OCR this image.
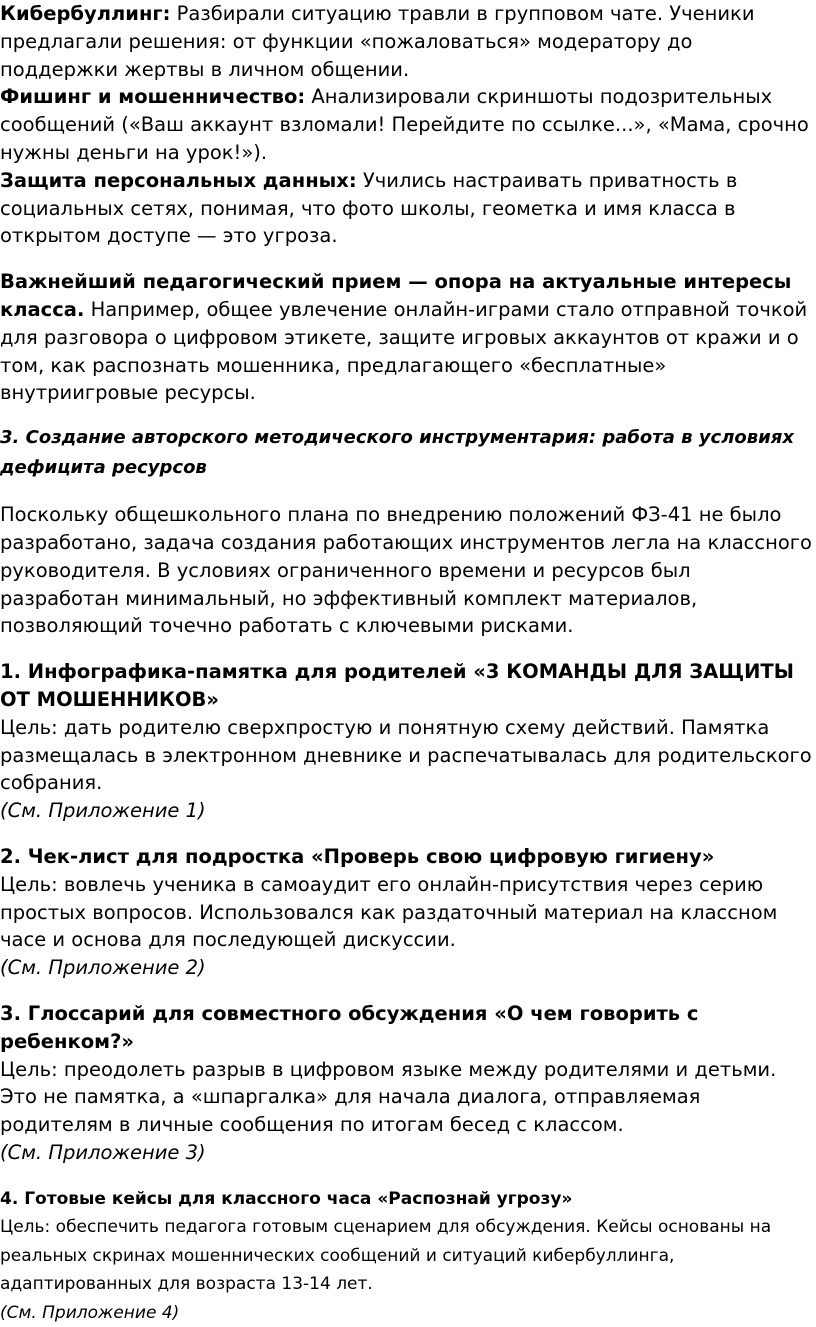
Кибербуллинг: Разбирали ситуацию травли в групповом чате. Ученики предлагали решения: от функции «пожаловаться» модератору до поддержки жертвы в личном общении.

Фишинг и мошенничество: Анализировали скриншоты подозрительных сообщений («Ваш аккаунт взломали! Перейдите по ссылке...», «Мама, срочно нужны деньги на урок!»).

Защита персональных данных: Учились настраивать приватность в социальных сетях, понимая, что фото школы, геометка и имя класса в открытом доступе — это угроза.

Важнейший педагогический прием — опора на актуальные интересы класса. Например, общее увлечение онлайн-играми стало отправной точкой для разговора о цифровом этикете, защите игровых аккаунтов от кражи и о том, как распознать мошенника, предлагающего «бесплатные» внутриигровые ресурсы.

3. Создание авторского методического инструментария: работа в условиях дефицита ресурсов

Поскольку общешкольного плана по внедрению положений ФЗ-41 не было разработано, задача создания работающих инструментов легла на классного руководителя. В условиях ограниченного времени и ресурсов был разработан минимальный, но эффективный комплект материалов, позволяющий точечно работать с ключевыми рисками.

1. Инфографика-памятка для родителей «3 КОМАНДЫ ДЛЯ ЗАЩИТЫ ОТ МОШЕННИКОВ»

Цель: дать родителю сверхпростую и понятную схему действий. Памятка размещалась в электронном дневнике и распечатывалась для родительского собрания.

(См. Приложение 1)

2. Чек-лист для подростка «Проверь свою цифровую гигиену»

Цель: вовлечь ученика в самоаудит его онлайн-присутствия через серию простых вопросов. Использовался как раздаточный материал на классном часе и основа для последующей дискуссии.

(См. Приложение 2)

3. Глоссарий для совместного обсуждения «О чем говорить с ребенком?»

Цель: преодолеть разрыв в цифровом языке между родителями и детьми. Это не памятка, а «шпаргалка» для начала диалога, отправляемая родителям в личные сообщения по итогам бесед с классом.

(См. Приложение 3)

4. Готовые кейсы для классного часа «Распознай угрозу»

Цель: обеспечить педагога готовым сценарием для обсуждения. Кейсы основаны на реальных скринах мошеннических сообщений и ситуаций кибербуллинга, адаптированных для возраста 13-14 лет.

(См. Приложение 4)
